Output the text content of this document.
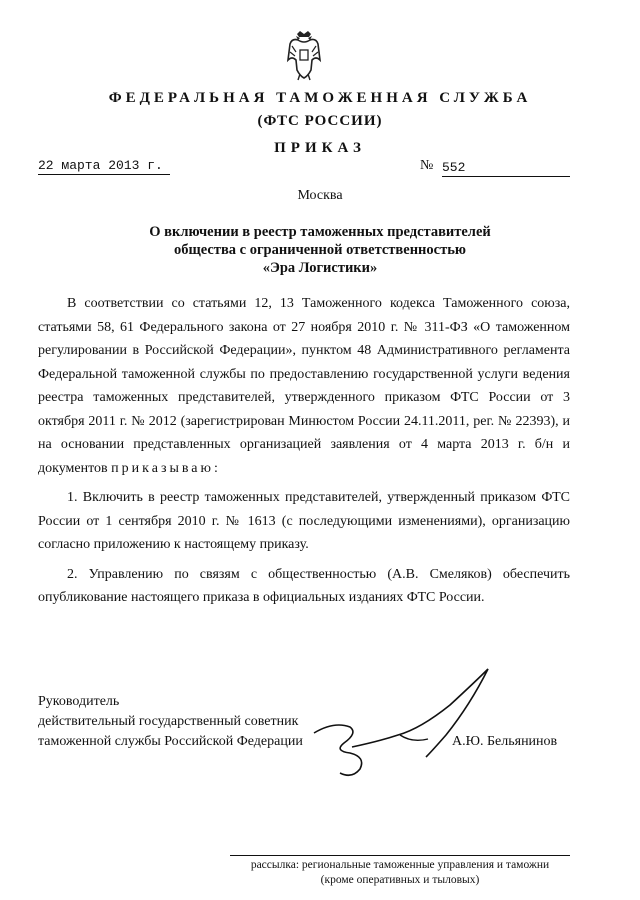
ФЕДЕРАЛЬНАЯ ТАМОЖЕННАЯ СЛУЖБА
(ФТС РОССИИ)
ПРИКАЗ
22 марта 2013 г.	№ 552
Москва
О включении в реестр таможенных представителей
общества с ограниченной ответственностью
«Эра Логистики»

В соответствии со статьями 12, 13 Таможенного кодекса Таможенного союза, статьями 58, 61 Федерального закона от 27 ноября 2010 г. № 311-ФЗ «О таможенном регулировании в Российской Федерации», пунктом 48 Административного регламента Федеральной таможенной службы по предоставлению государственной услуги ведения реестра таможенных представителей, утвержденного приказом ФТС России от 3 октября 2011 г. № 2012 (зарегистрирован Минюстом России 24.11.2011, рег. № 22393), и на основании представленных организацией заявления от 4 марта 2013 г. б/н и документов приказываю:

1. Включить в реестр таможенных представителей, утвержденный приказом ФТС России от 1 сентября 2010 г. № 1613 (с последующими изменениями), организацию согласно приложению к настоящему приказу.

2. Управлению по связям с общественностью (А.В. Смеляков) обеспечить опубликование настоящего приказа в официальных изданиях ФТС России.

Руководитель
действительный государственный советник
таможенной службы Российской Федерации	А.Ю. Бельянинов
рассылка: региональные таможенные управления и таможни
(кроме оперативных и тыловых)
